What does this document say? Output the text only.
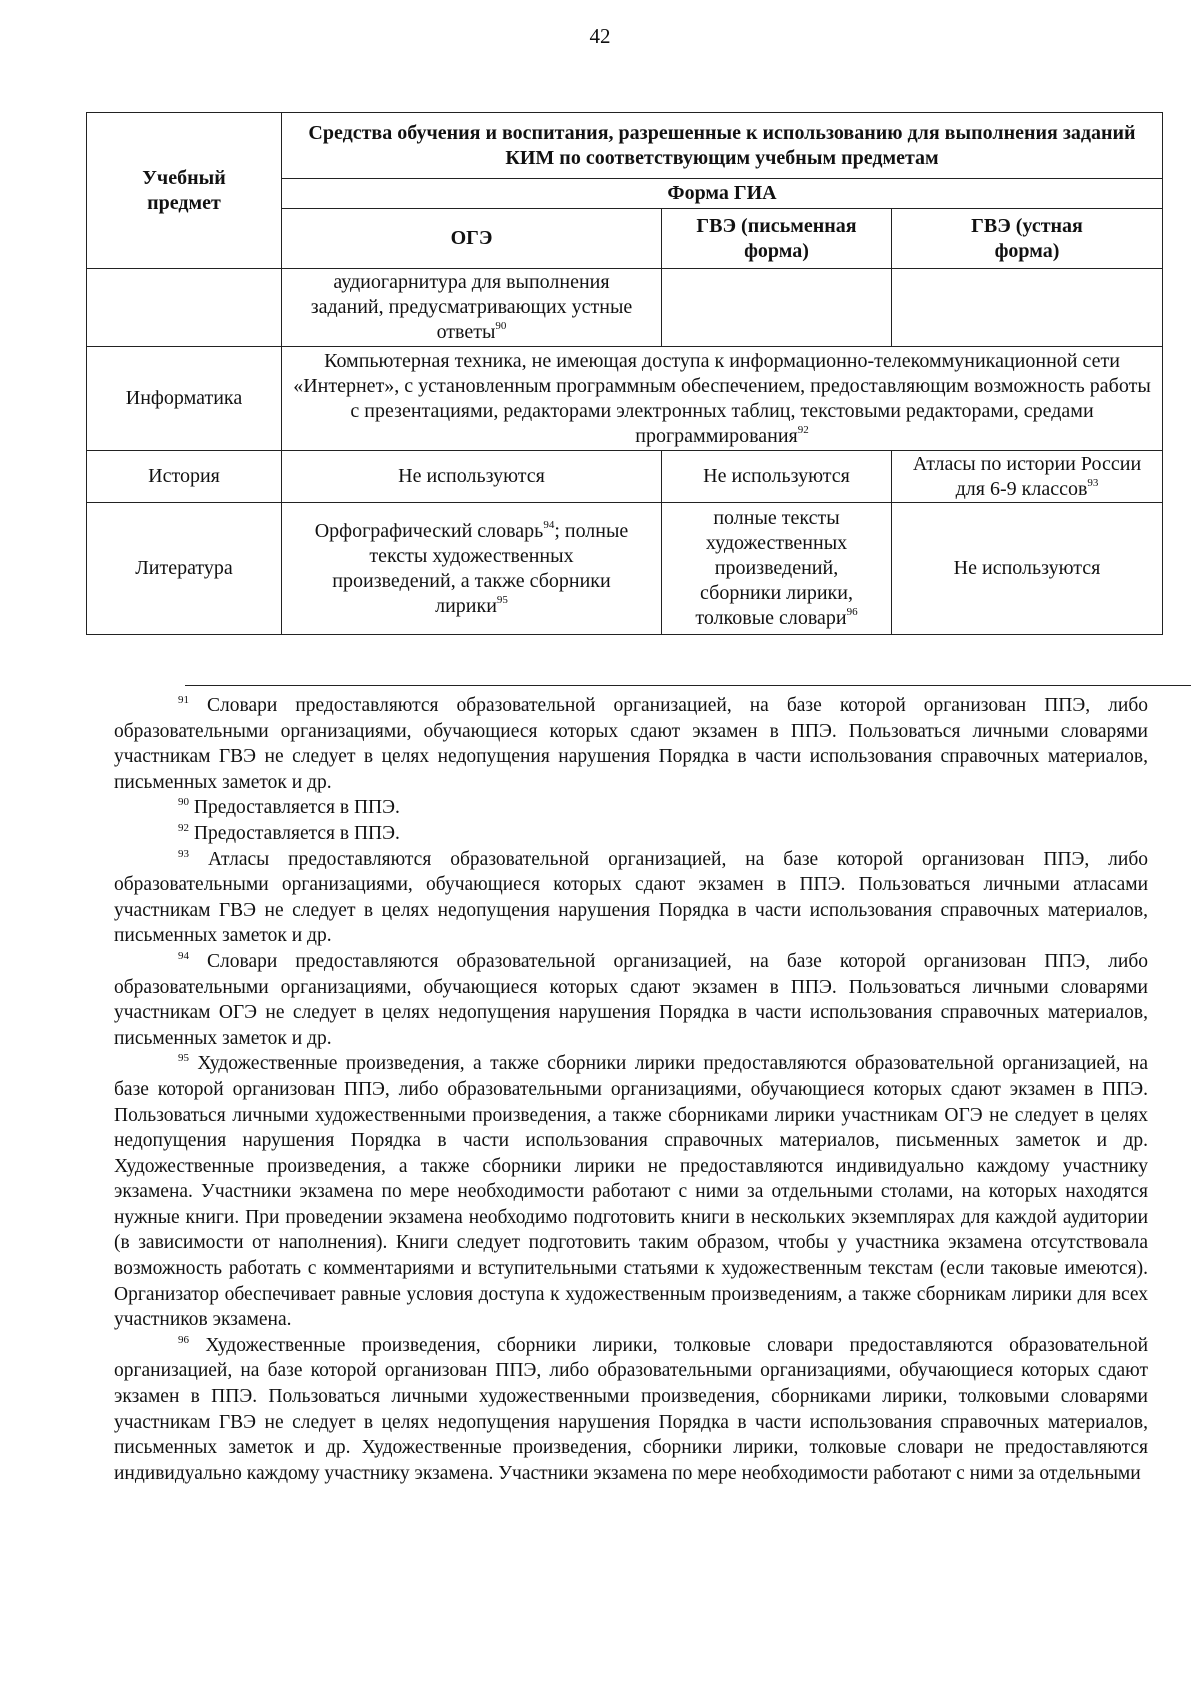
42
Учебный предмет	Средства обучения и воспитания, разрешенные к использованию для выполнения заданий КИМ по соответствующим учебным предметам		
	Форма ГИА		
	ОГЭ	ГВЭ (письменная форма)	ГВЭ (устная форма)
	аудиогарнитура для выполнения заданий, предусматривающих устные ответы$^{90}$		
Информатика	Компьютерная техника, не имеющая доступа к информационно-телекоммуникационной сети «Интернет», с установленным программным обеспечением, предоставляющим возможность работы с презентациями, редакторами электронных таблиц, текстовыми редакторами, средами программирования$^{92}$
История	Не используются	Не используются	Атласы по истории России для 6-9 классов$^{93}$
Литература	Орфографический словарь$^{94}$; полные тексты художественных произведений, а также сборники лирики$^{95}$	полные тексты художественных произведений, сборники лирики, толковые словари$^{96}$	Не используются

$^{91}$ Словари предоставляются образовательной организацией, на базе которой организован ППЭ, либо образовательными организациями, обучающиеся которых сдают экзамен в ППЭ. Пользоваться личными словарями участникам ГВЭ не следует в целях недопущения нарушения Порядка в части использования справочных материалов, письменных заметок и др.

$^{90}$ Предоставляется в ППЭ.

$^{92}$ Предоставляется в ППЭ.

$^{93}$ Атласы предоставляются образовательной организацией, на базе которой организован ППЭ, либо образовательными организациями, обучающиеся которых сдают экзамен в ППЭ. Пользоваться личными атласами участникам ГВЭ не следует в целях недопущения нарушения Порядка в части использования справочных материалов, письменных заметок и др.

$^{94}$ Словари предоставляются образовательной организацией, на базе которой организован ППЭ, либо образовательными организациями, обучающиеся которых сдают экзамен в ППЭ. Пользоваться личными словарями участникам ОГЭ не следует в целях недопущения нарушения Порядка в части использования справочных материалов, письменных заметок и др.

$^{95}$ Художественные произведения, а также сборники лирики предоставляются образовательной организацией, на базе которой организован ППЭ, либо образовательными организациями, обучающиеся которых сдают экзамен в ППЭ. Пользоваться личными художественными произведения, а также сборниками лирики участникам ОГЭ не следует в целях недопущения нарушения Порядка в части использования справочных материалов, письменных заметок и др. Художественные произведения, а также сборники лирики не предоставляются индивидуально каждому участнику экзамена. Участники экзамена по мере необходимости работают с ними за отдельными столами, на которых находятся нужные книги. При проведении экзамена необходимо подготовить книги в нескольких экземплярах для каждой аудитории (в зависимости от наполнения). Книги следует подготовить таким образом, чтобы у участника экзамена отсутствовала возможность работать с комментариями и вступительными статьями к художественным текстам (если таковые имеются). Организатор обеспечивает равные условия доступа к художественным произведениям, а также сборникам лирики для всех участников экзамена.

$^{96}$ Художественные произведения, сборники лирики, толковые словари предоставляются образовательной организацией, на базе которой организован ППЭ, либо образовательными организациями, обучающиеся которых сдают экзамен в ППЭ. Пользоваться личными художественными произведения, сборниками лирики, толковыми словарями участникам ГВЭ не следует в целях недопущения нарушения Порядка в части использования справочных материалов, письменных заметок и др. Художественные произведения, сборники лирики, толковые словари не предоставляются индивидуально каждому участнику экзамена. Участники экзамена по мере необходимости работают с ними за отдельными
